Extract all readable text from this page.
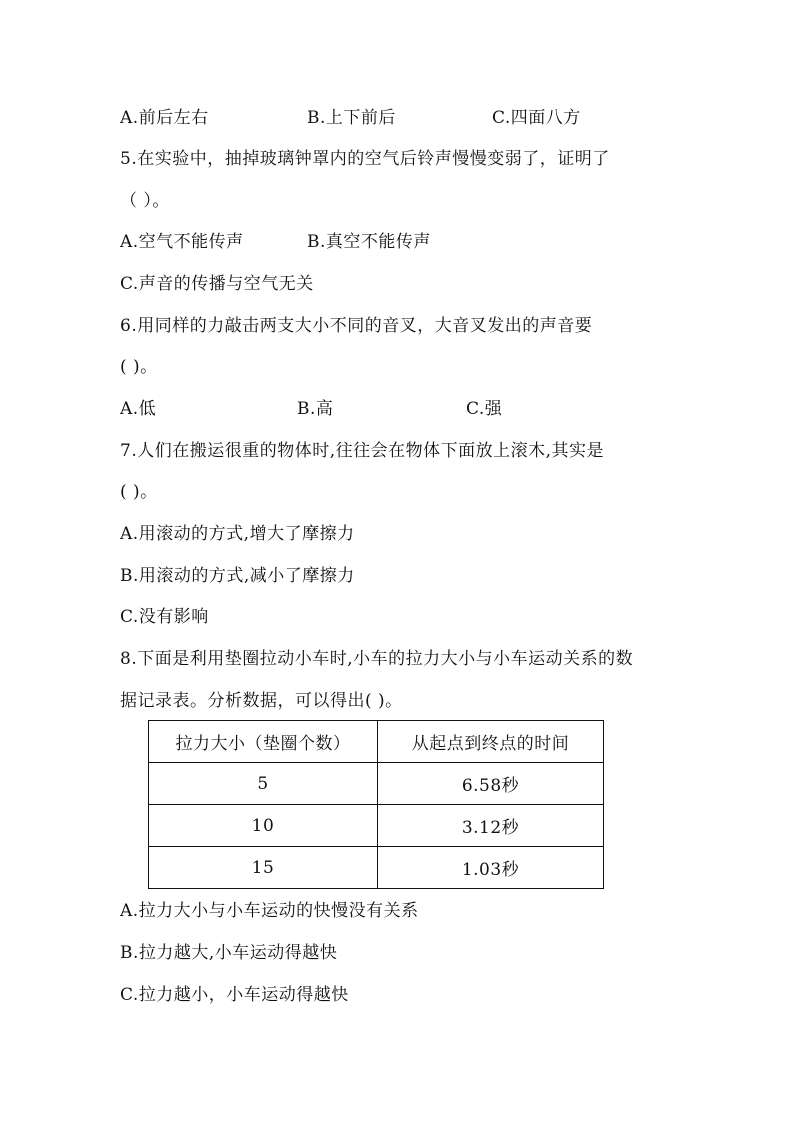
A.前后左右	B.上下前后	C.四面八方
5.在实验中，抽掉玻璃钟罩内的空气后铃声慢慢变弱了，证明了
（ ）。
A.空气不能传声	B.真空不能传声
C.声音的传播与空气无关
6.用同样的力敲击两支大小不同的音叉，大音叉发出的声音要
( )。
A.低	B.高	C.强
7.人们在搬运很重的物体时,往往会在物体下面放上滚木,其实是
( )。
A.用滚动的方式,增大了摩擦力
B.用滚动的方式,减小了摩擦力
C.没有影响
8.下面是利用垫圈拉动小车时,小车的拉力大小与小车运动关系的数
据记录表。分析数据，可以得出( )。
拉力大小（垫圈个数）	从起点到终点的时间
5	6.58秒
10	3.12秒
15	1.03秒
A.拉力大小与小车运动的快慢没有关系
B.拉力越大,小车运动得越快
C.拉力越小，小车运动得越快
